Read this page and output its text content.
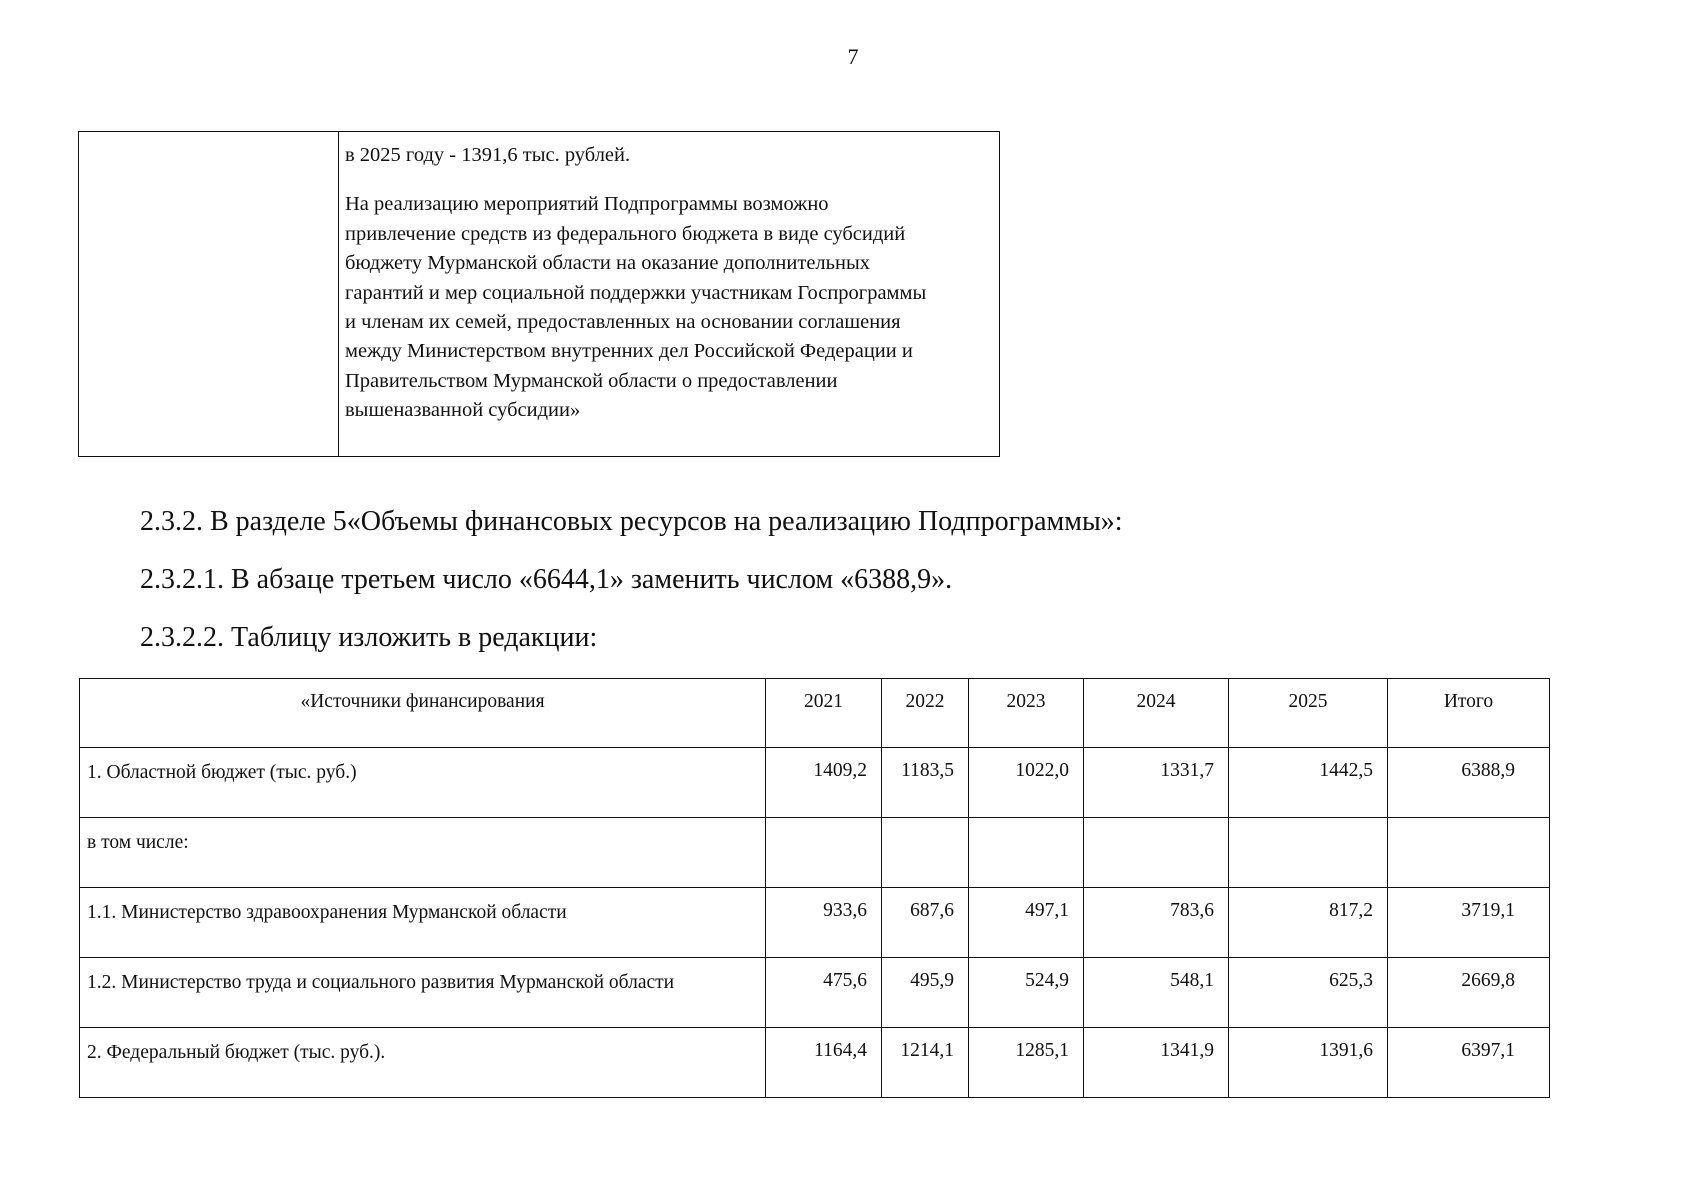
7

в 2025 году - 1391,6 тыс. рублей.

На реализацию мероприятий Подпрограммы возможно

привлечение средств из федерального бюджета в виде субсидий

бюджету Мурманской области на оказание дополнительных

гарантий и мер социальной поддержки участникам Госпрограммы

и членам их семей, предоставленных на основании соглашения

между Министерством внутренних дел Российской Федерации и

Правительством Мурманской области о предоставлении

вышеназванной субсидии»

2.3.2. В разделе 5«Объемы финансовых ресурсов на реализацию Подпрограммы»:

2.3.2.1. В абзаце третьем число «6644,1» заменить числом «6388,9».

2.3.2.2. Таблицу изложить в редакции:

«Источники финансирования	2021	2022	2023	2024	2025	Итого
1. Областной бюджет (тыс. руб.)	1409,2	1183,5	1022,0	1331,7	1442,5	6388,9
в том числе:						
1.1. Министерство здравоохранения Мурманской области	933,6	687,6	497,1	783,6	817,2	3719,1
1.2. Министерство труда и социального развития Мурманской области	475,6	495,9	524,9	548,1	625,3	2669,8
2. Федеральный бюджет (тыс. руб.).	1164,4	1214,1	1285,1	1341,9	1391,6	6397,1
